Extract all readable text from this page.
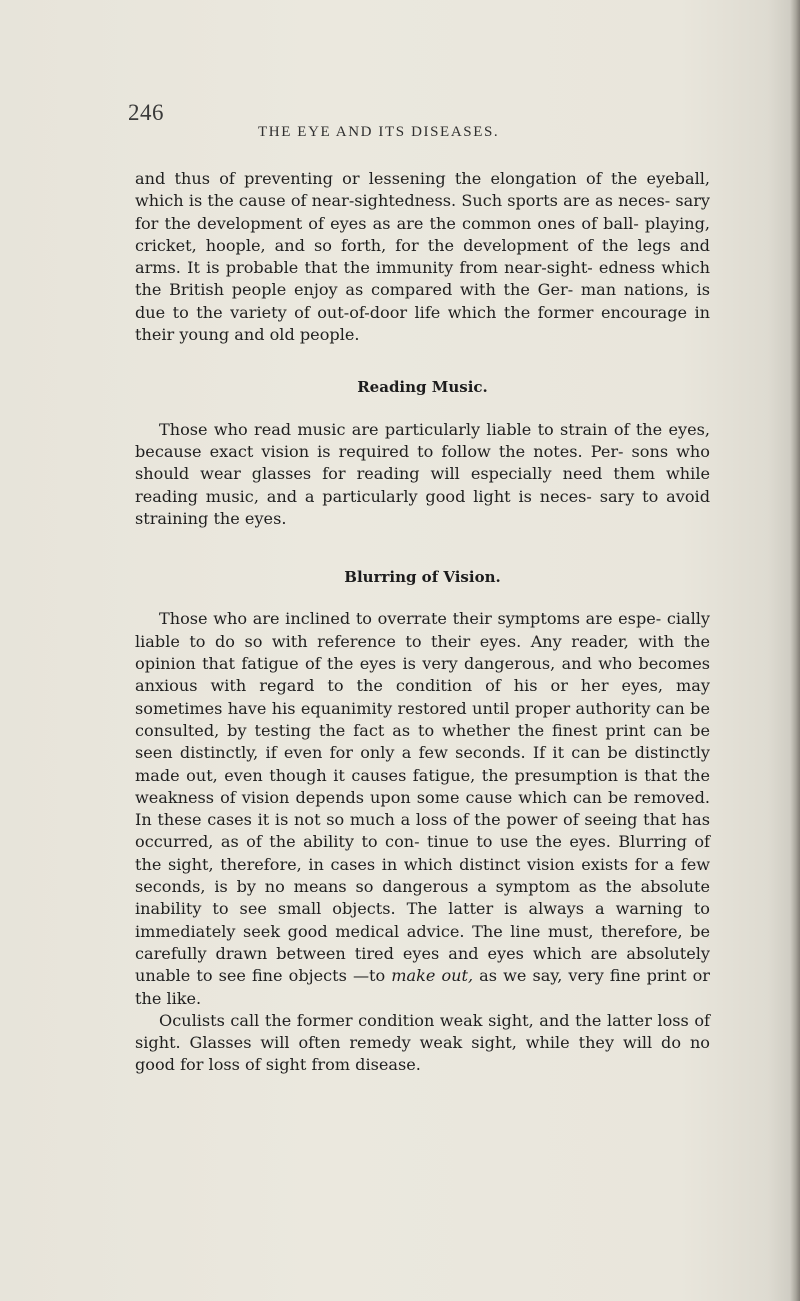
246
THE EYE AND ITS DISEASES.

and thus of preventing or lessening the elongation of the eyeball, which is the cause of near-sightedness. Such sports are as neces- sary for the development of eyes as are the common ones of ball- playing, cricket, hoople, and so forth, for the development of the legs and arms. It is probable that the immunity from near-sight- edness which the British people enjoy as compared with the Ger- man nations, is due to the variety of out-of-door life which the former encourage in their young and old people.

Reading Music.

Those who read music are particularly liable to strain of the eyes, because exact vision is required to follow the notes. Per- sons who should wear glasses for reading will especially need them while reading music, and a particularly good light is neces- sary to avoid straining the eyes.

Blurring of Vision.

Those who are inclined to overrate their symptoms are espe- cially liable to do so with reference to their eyes. Any reader, with the opinion that fatigue of the eyes is very dangerous, and who becomes anxious with regard to the condition of his or her eyes, may sometimes have his equanimity restored until proper authority can be consulted, by testing the fact as to whether the finest print can be seen distinctly, if even for only a few seconds. If it can be distinctly made out, even though it causes fatigue, the presumption is that the weakness of vision depends upon some cause which can be removed. In these cases it is not so much a loss of the power of seeing that has occurred, as of the ability to con- tinue to use the eyes. Blurring of the sight, therefore, in cases in which distinct vision exists for a few seconds, is by no means so dangerous a symptom as the absolute inability to see small objects. The latter is always a warning to immediately seek good medical advice. The line must, therefore, be carefully drawn between tired eyes and eyes which are absolutely unable to see fine objects —to make out, as we say, very fine print or the like.

Oculists call the former condition weak sight, and the latter loss of sight. Glasses will often remedy weak sight, while they will do no good for loss of sight from disease.
